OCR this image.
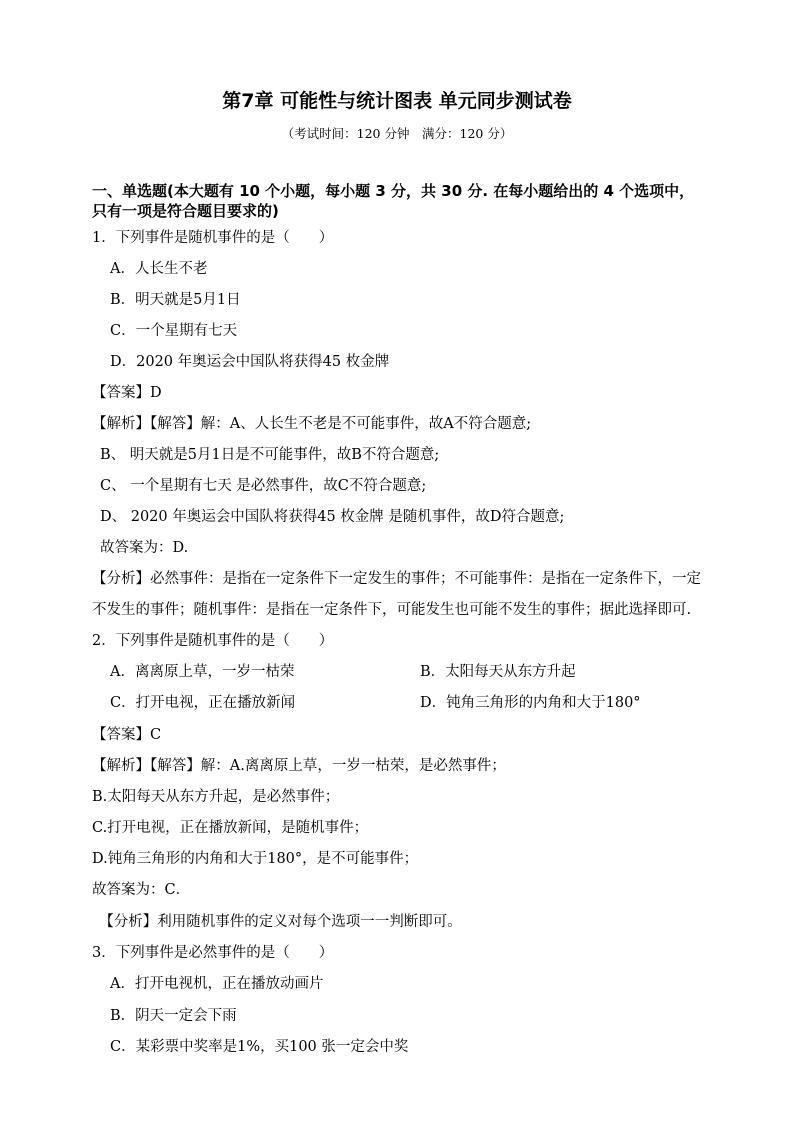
第7章 可能性与统计图表 单元同步测试卷
（考试时间：120 分钟　满分：120 分）
一、单选题(本大题有 10 个小题，每小题 3 分，共 30 分. 在每小题给出的 4 个选项中，
只有一项是符合题目要求的)
1．下列事件是随机事件的是（　　）
A．人长生不老
B．明天就是5月1日
C．一个星期有七天
D．2020 年奥运会中国队将获得45 枚金牌
【答案】D
【解析】【解答】解：A、人长生不老是不可能事件，故A不符合题意;
B、 明天就是5月1日是不可能事件，故B不符合题意;
C、 一个星期有七天 是必然事件，故C不符合题意;
D、 2020 年奥运会中国队将获得45 枚金牌 是随机事件，故D符合题意;
故答案为：D.
【分析】必然事件：是指在一定条件下一定发生的事件；不可能事件：是指在一定条件下，一定
不发生的事件；随机事件：是指在一定条件下，可能发生也可能不发生的事件；据此选择即可.
2．下列事件是随机事件的是（　　）
A．离离原上草，一岁一枯荣	B．太阳每天从东方升起
C．打开电视，正在播放新闻	D．钝角三角形的内角和大于180°
【答案】C
【解析】【解答】解：A.离离原上草，一岁一枯荣，是必然事件；
B.太阳每天从东方升起，是必然事件；
C.打开电视，正在播放新闻，是随机事件；
D.钝角三角形的内角和大于180°，是不可能事件；
故答案为：C．
　【分析】利用随机事件的定义对每个选项一一判断即可。
3．下列事件是必然事件的是（　　）
A．打开电视机，正在播放动画片
B．阴天一定会下雨
C．某彩票中奖率是1%，买100 张一定会中奖
